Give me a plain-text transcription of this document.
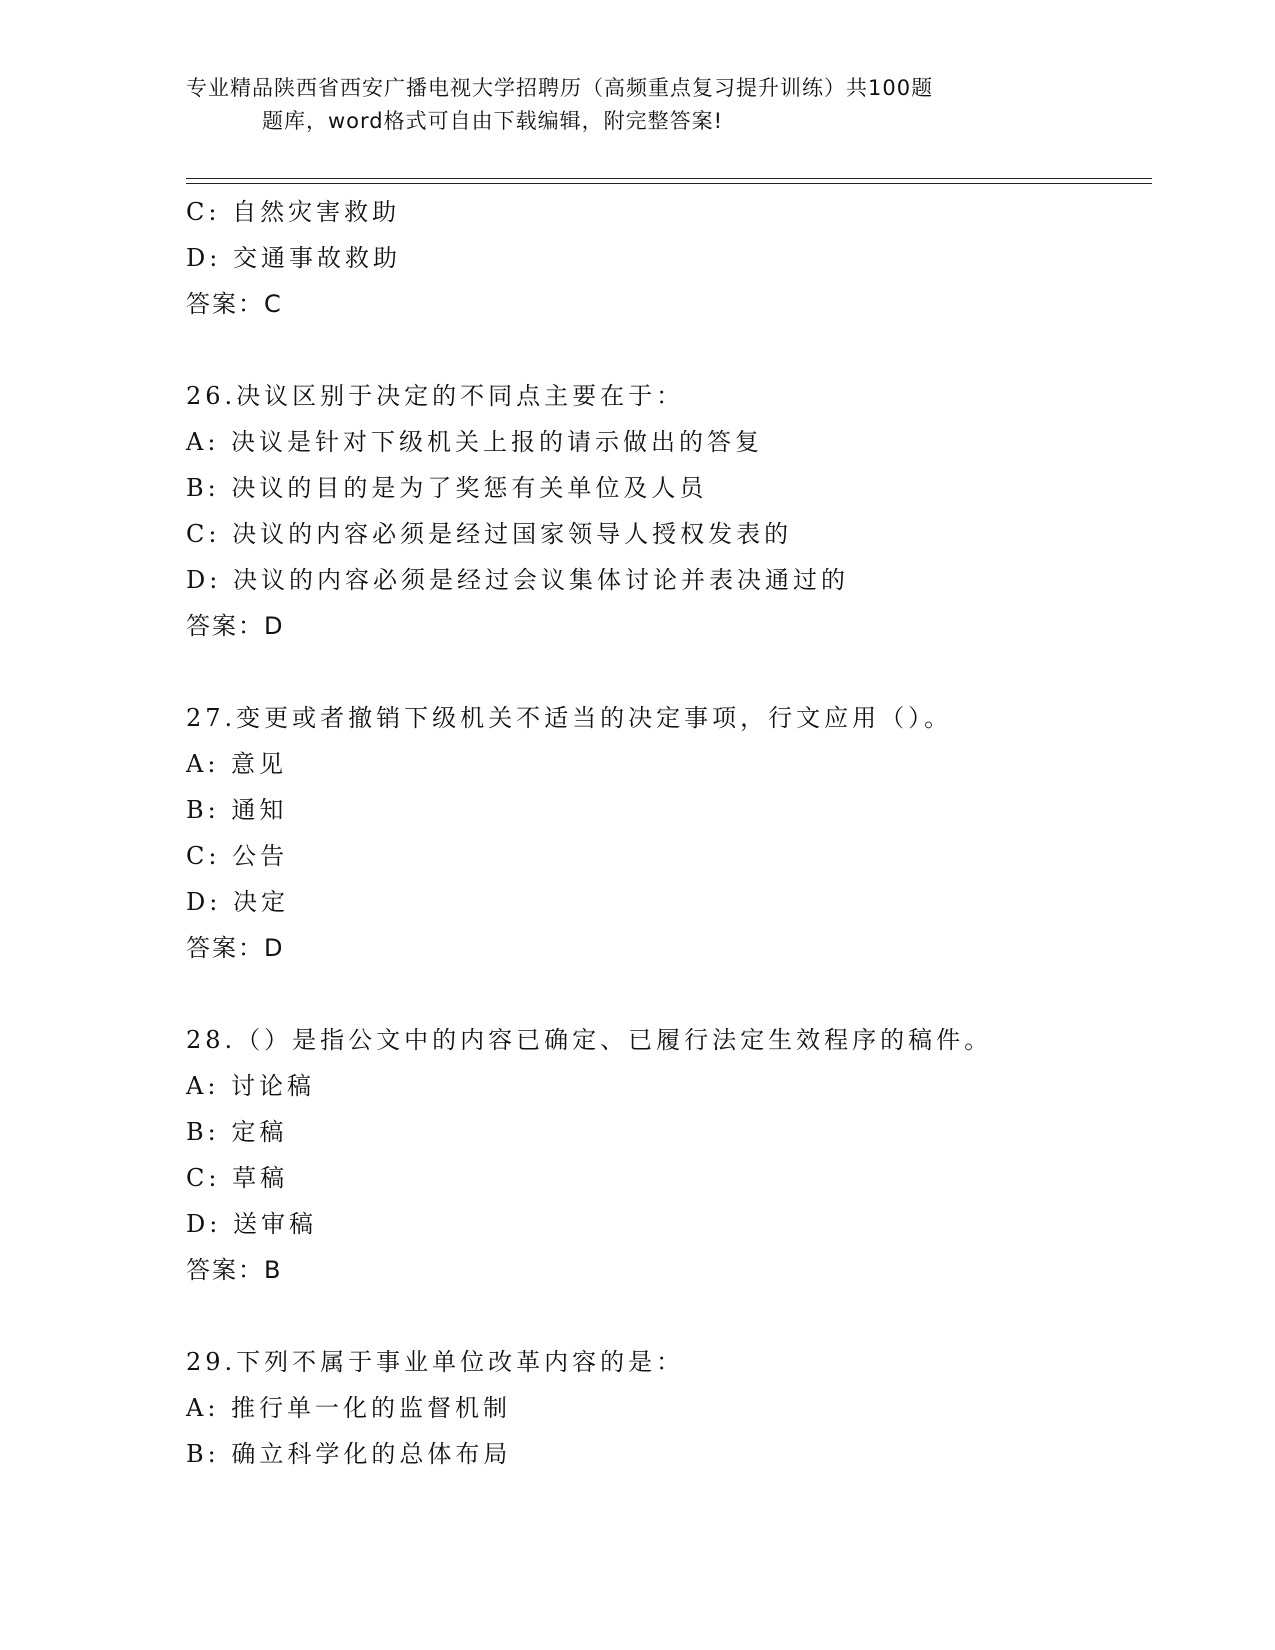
专业精品陕西省西安广播电视大学招聘历（高频重点复习提升训练）共100题
题库，word格式可自由下载编辑，附完整答案!
C: 自然灾害救助
D: 交通事故救助
答案：C
26.决议区别于决定的不同点主要在于：
A: 决议是针对下级机关上报的请示做出的答复
B: 决议的目的是为了奖惩有关单位及人员
C: 决议的内容必须是经过国家领导人授权发表的
D: 决议的内容必须是经过会议集体讨论并表决通过的
答案：D
27.变更或者撤销下级机关不适当的决定事项，行文应用（）。
A: 意见
B: 通知
C: 公告
D: 决定
答案：D
28.（）是指公文中的内容已确定、已履行法定生效程序的稿件。
A: 讨论稿
B: 定稿
C: 草稿
D: 送审稿
答案：B
29.下列不属于事业单位改革内容的是：
A: 推行单一化的监督机制
B: 确立科学化的总体布局
